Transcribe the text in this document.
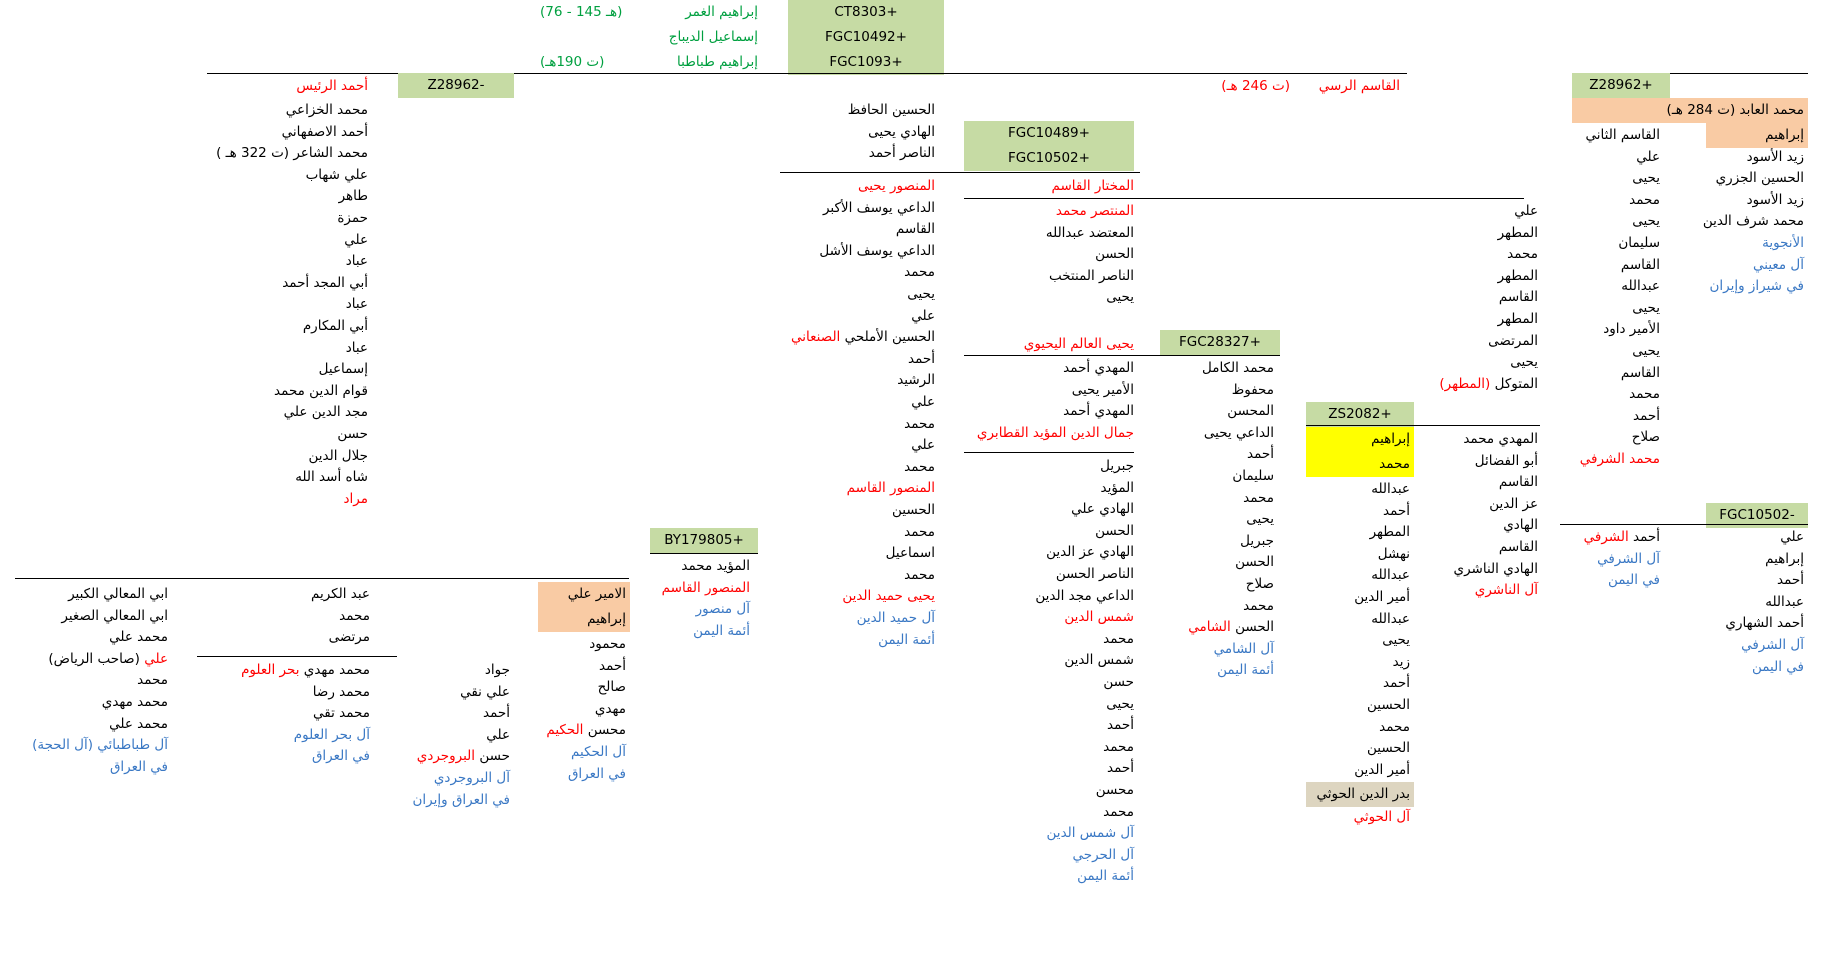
CT8303+
FGC10492+
FGC1093+
إبراهيم الغمر
إسماعيل الديباج
إبراهيم طباطبا
(هـ 145 - 76)
(ت 190هـ)
أحمد الرئيس	Z28962-
محمد الخزاعي
أحمد الاصفهاني
محمد الشاعر (ت 322 هـ )
علي شهاب
طاهر
حمزة
علي
عباد
أبي المجد أحمد
عباد
أبي المكارم
عباد
إسماعيل
قوام الدين محمد
مجد الدين علي
حسن
جلال الدين
شاه أسد الله
مراد
الامير علي
إبراهيم
محمود
أحمد
صالح
مهدي
محسن الحكيم
آل الحكيم
في العراق
جواد
علي نقي
أحمد
علي
حسن البروجردي
آل البروجردي
في العراق وإيران
عبد الكريم
محمد
مرتضى
محمد مهدي بحر العلوم
محمد رضا
محمد تقي
آل بحر العلوم
في العراق
ابي المعالي الكبير
ابي المعالي الصغير
محمد علي
علي (صاحب الرياض)
محمد
محمد مهدي
محمد علي
آل طباطبائي (آل الحجة)
في العراق
BY179805+
المؤيد محمد
المنصور القاسم
آل منصور
أئمة اليمن
القاسم الرسي
(ت 246 هـ)
الحسين الحافظ
الهادي يحيى
الناصر أحمد
FGC10489+
FGC10502+
المنصور يحيى
الداعي يوسف الأكبر
القاسم
الداعي يوسف الأشل
محمد
يحيى
علي
الحسين الأملحي الصنعاني
أحمد
الرشيد
علي
محمد
علي
محمد
المنصور القاسم
الحسين
محمد
اسماعيل
محمد
يحيى حميد الدين
آل حميد الدين
أئمة اليمن
المختار القاسم
المنتصر محمد
المعتضد عبدالله
الحسن
الناصر المنتخب
يحيى
يحيى العالم اليحيوي	FGC28327+
المهدي أحمد
الأمير يحيى
المهدي أحمد
جمال الدين المؤيد القطابري
جبريل
المؤيد
الهادي علي
الحسن
الهادي عز الدين
الناصر الحسن
الداعي مجد الدين
شمس الدين
محمد
شمس الدين
حسن
يحيى
أحمد
محمد
أحمد
محسن
محمد
آل شمس الدين
آل الحرجي
أئمة اليمن
محمد الكامل
محفوظ
المحسن
الداعي يحيى
أحمد
سليمان
محمد
يحيى
جبريل
الحسن
صلاح
محمد
الحسن الشامي
آل الشامي
أئمة اليمن
ZS2082+
إبراهيم
محمد
عبدالله
أحمد
المطهر
نهشل
عبدالله
أمير الدين
عبدالله
يحيى
زيد
أحمد
الحسين
محمد
الحسين
أمير الدين
بدر الدين الحوثي
آل الحوثي
علي
المطهر
محمد
المطهر
القاسم
المطهر
المرتضى
يحيى
المتوكل (المطهر)
المهدي محمد
أبو الفضائل
القاسم
عز الدين
الهادي
القاسم
الهادي الناشري
آل الناشري
Z28962+
محمد العابد (ت 284 هـ)
إبراهيم
زيد الأسود
الحسين الجزري
زيد الأسود
محمد شرف الدين
الأنجوية
آل معيني
في شيراز وإيران
القاسم الثاني
علي
يحيى
محمد
يحيى
سليمان
القاسم
عبدالله
يحيى
الأمير داود
يحيى
القاسم
محمد
أحمد
صلاح
محمد الشرفي
FGC10502-
أحمد الشرفي
آل الشرفي
في اليمن
علي
إبراهيم
أحمد
عبدالله
أحمد الشهاري
آل الشرفي
في اليمن
